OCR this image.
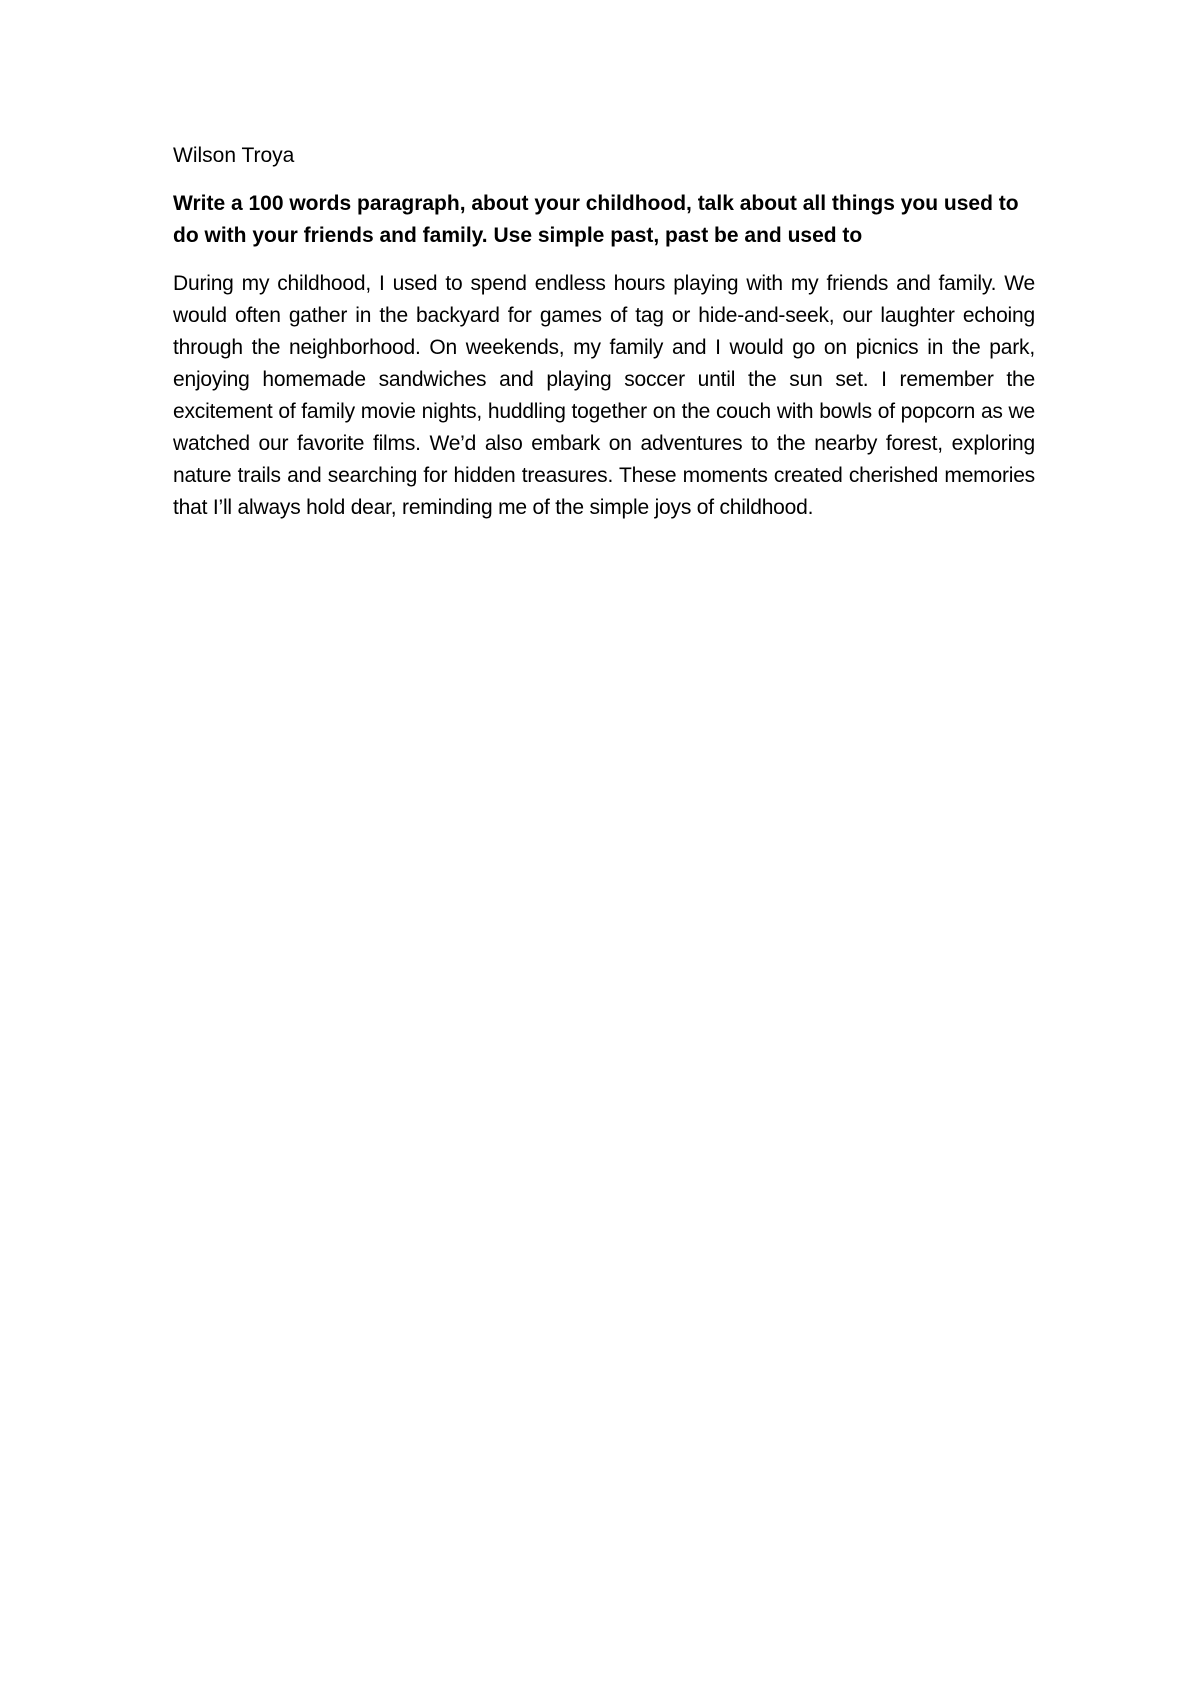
Wilson Troya

Write a 100 words paragraph, about your childhood, talk about all things you used to do with your friends and family. Use simple past, past be and used to

During my childhood, I used to spend endless hours playing with my friends and family. We would often gather in the backyard for games of tag or hide-and-seek, our laughter echoing through the neighborhood. On weekends, my family and I would go on picnics in the park, enjoying homemade sandwiches and playing soccer until the sun set. I remember the excitement of family movie nights, huddling together on the couch with bowls of popcorn as we watched our favorite films. We’d also embark on adventures to the nearby forest, exploring nature trails and searching for hidden treasures. These moments created cherished memories that I’ll always hold dear, reminding me of the simple joys of childhood.
